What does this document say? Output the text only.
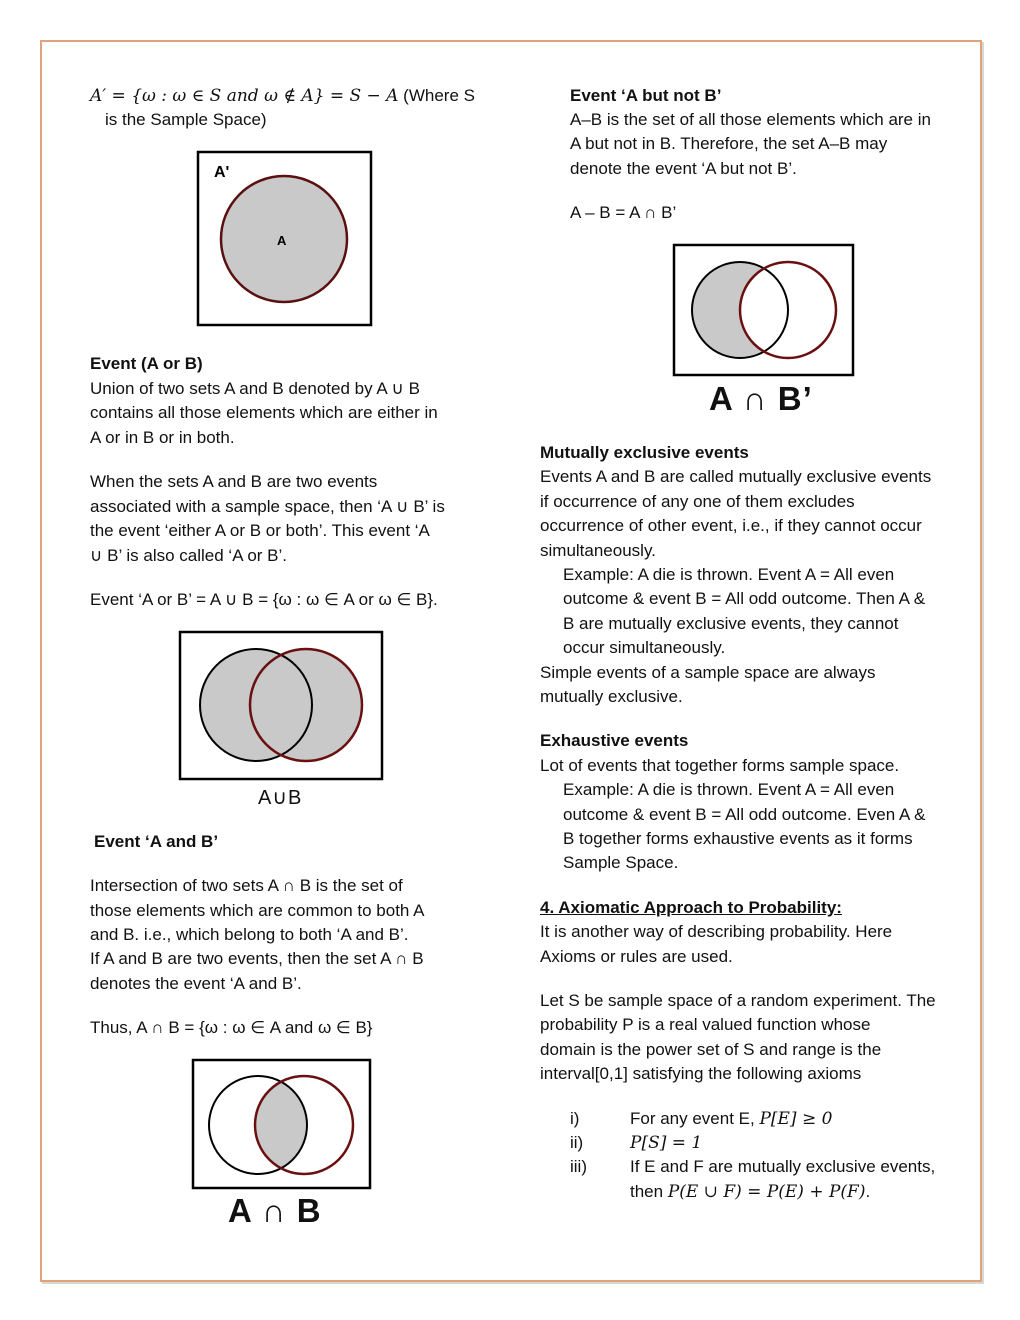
A′ = {ω : ω ∈ S and ω ∉ A} = S − A (Where S
is the Sample Space)
A'
A
Event (A or B)
Union of two sets A and B denoted by A ∪ B
contains all those elements which are either in
A or in B or in both.
When the sets A and B are two events
associated with a sample space, then ‘A ∪ B’ is
the event ‘either A or B or both’. This event ‘A
∪ B’ is also called ‘A or B’.
Event ‘A or B’ = A ∪ B = {ω : ω ∈ A or ω ∈ B}.
A∪B
Event ‘A and B’
Intersection of two sets A ∩ B is the set of
those elements which are common to both A
and B. i.e., which belong to both ‘A and B’.
If A and B are two events, then the set A ∩ B
denotes the event ‘A and B’.
Thus, A ∩ B = {ω : ω ∈ A and ω ∈ B}
A ∩ B
Event ‘A but not B’
A–B is the set of all those elements which are in
A but not in B. Therefore, the set A–B may
denote the event ‘A but not B’.
A – B = A ∩ B’
A ∩ B’
Mutually exclusive events
Events A and B are called mutually exclusive events
if occurrence of any one of them excludes
occurrence of other event, i.e., if they cannot occur
simultaneously.
Example: A die is thrown. Event A = All even
outcome & event B = All odd outcome. Then A &
B are mutually exclusive events, they cannot
occur simultaneously.
Simple events of a sample space are always
mutually exclusive.
Exhaustive events
Lot of events that together forms sample space.
Example: A die is thrown. Event A = All even
outcome & event B = All odd outcome. Even A &
B together forms exhaustive events as it forms
Sample Space.
4. Axiomatic Approach to Probability:
It is another way of describing probability. Here
Axioms or rules are used.
Let S be sample space of a random experiment. The
probability P is a real valued function whose
domain is the power set of S and range is the
interval[0,1] satisfying the following axioms
i)	For any event E, P[E] ≥ 0
ii)	P[S] = 1
iii)	If E and F are mutually exclusive events,
then P(E ∪ F) = P(E) + P(F).
